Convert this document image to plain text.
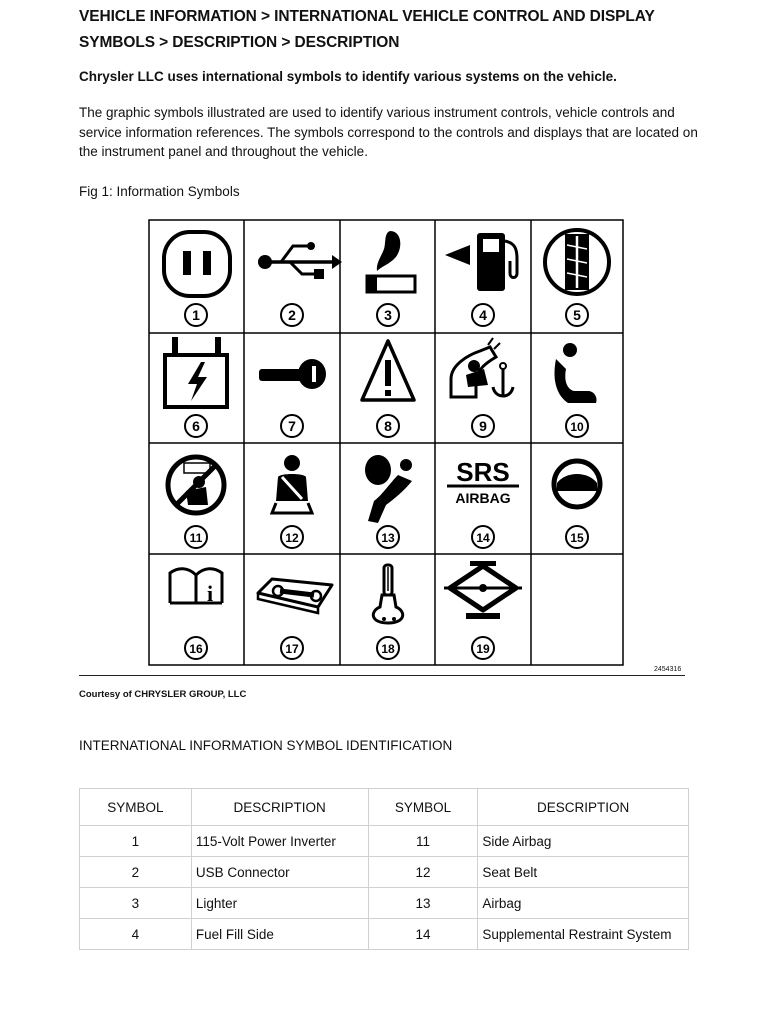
VEHICLE INFORMATION > INTERNATIONAL VEHICLE CONTROL AND DISPLAY
SYMBOLS > DESCRIPTION > DESCRIPTION
Chrysler LLC uses international symbols to identify various systems on the vehicle.
The graphic symbols illustrated are used to identify various instrument controls, vehicle controls and service information references. The symbols correspond to the controls and displays that are located on the instrument panel and throughout the vehicle.
Fig 1: Information Symbols
SRS
AIRBAG
i
1	2	3	4	5
6	7	8	9	10
11	12	13	14	15
16	17	18	19
2454316
Courtesy of CHRYSLER GROUP, LLC
INTERNATIONAL INFORMATION SYMBOL IDENTIFICATION
SYMBOL	DESCRIPTION	SYMBOL	DESCRIPTION
1	115-Volt Power Inverter	11	Side Airbag
2	USB Connector	12	Seat Belt
3	Lighter	13	Airbag
4	Fuel Fill Side	14	Supplemental Restraint System
